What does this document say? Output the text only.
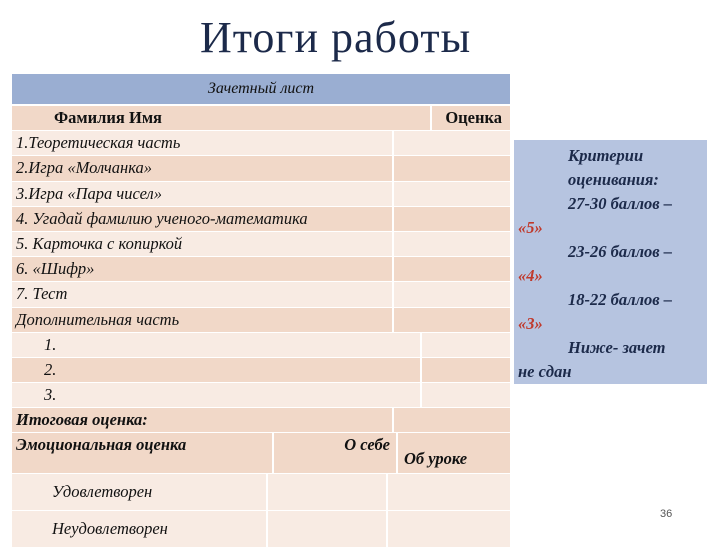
Итоги работы
Зачетный лист
Фамилия Имя	Оценка
1.Теоретическая часть
2.Игра «Молчанка»
3.Игра «Пара чисел»
4. Угадай фамилию ученого-математика
5. Карточка с копиркой
6. «Шифр»
7. Тест
Дополнительная часть
1.
2.
3.
Итоговая оценка:
Эмоциональная оценка	О себе
Об уроке
Удовлетворен
Неудовлетворен
Критерии оценивания:
27-30 баллов –
«5»
23-26 баллов –
«4»
18-22 баллов –
«3»
Ниже- зачет
не сдан
36
